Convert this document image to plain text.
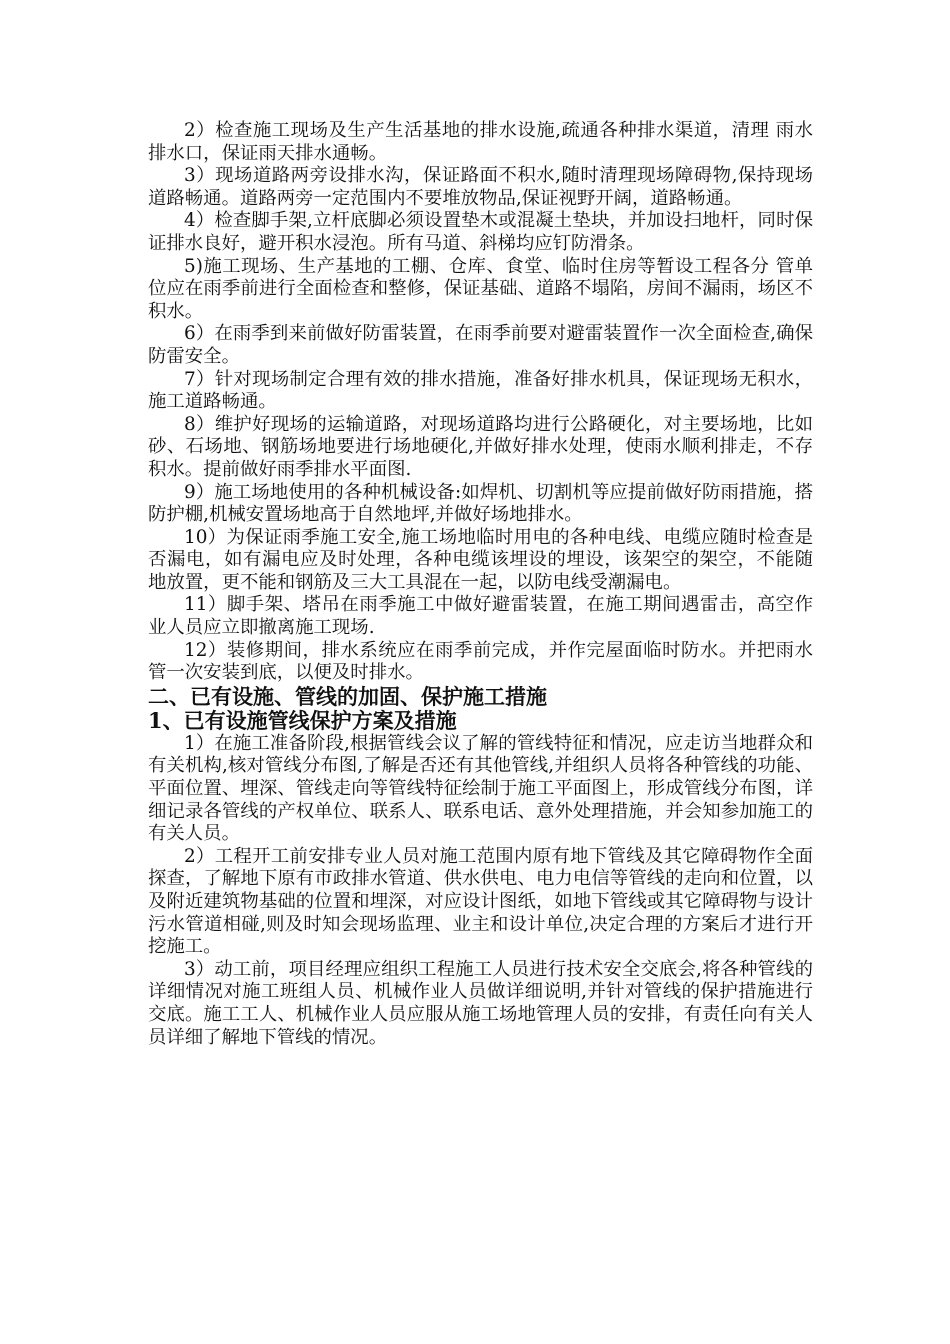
2）检查施工现场及生产生活基地的排水设施,疏通各种排水渠道，清理 雨水排水口，保证雨天排水通畅。

3）现场道路两旁设排水沟，保证路面不积水,随时清理现场障碍物,保持现场道路畅通。道路两旁一定范围内不要堆放物品,保证视野开阔，道路畅通。

4）检查脚手架,立杆底脚必须设置垫木或混凝土垫块，并加设扫地杆，同时保证排水良好，避开积水浸泡。所有马道、斜梯均应钉防滑条。

5)施工现场、生产基地的工棚、仓库、食堂、临时住房等暂设工程各分 管单位应在雨季前进行全面检查和整修，保证基础、道路不塌陷，房间不漏雨，场区不积水。

6）在雨季到来前做好防雷装置，在雨季前要对避雷装置作一次全面检查,确保防雷安全。

7）针对现场制定合理有效的排水措施，准备好排水机具，保证现场无积水，施工道路畅通。

8）维护好现场的运输道路，对现场道路均进行公路硬化，对主要场地，比如砂、石场地、钢筋场地要进行场地硬化,并做好排水处理，使雨水顺利排走，不存积水。提前做好雨季排水平面图.

9）施工场地使用的各种机械设备:如焊机、切割机等应提前做好防雨措施，搭防护棚,机械安置场地高于自然地坪,并做好场地排水。

10）为保证雨季施工安全,施工场地临时用电的各种电线、电缆应随时检查是 否漏电，如有漏电应及时处理，各种电缆该埋设的埋设，该架空的架空，不能随 地放置，更不能和钢筋及三大工具混在一起，以防电线受潮漏电。

11）脚手架、塔吊在雨季施工中做好避雷装置，在施工期间遇雷击，高空作业人员应立即撤离施工现场.

12）装修期间，排水系统应在雨季前完成，并作完屋面临时防水。并把雨水管一次安装到底，以便及时排水。

二、已有设施、管线的加固、保护施工措施
1、已有设施管线保护方案及措施

1）在施工准备阶段,根据管线会议了解的管线特征和情况，应走访当地群众和有关机构,核对管线分布图,了解是否还有其他管线,并组织人员将各种管线的功能、平面位置、埋深、管线走向等管线特征绘制于施工平面图上，形成管线分布图，详细记录各管线的产权单位、联系人、联系电话、意外处理措施，并会知参加施工的有关人员。

2）工程开工前安排专业人员对施工范围内原有地下管线及其它障碍物作全面探查，了解地下原有市政排水管道、供水供电、电力电信等管线的走向和位置，以及附近建筑物基础的位置和埋深，对应设计图纸，如地下管线或其它障碍物与设计污水管道相碰,则及时知会现场监理、业主和设计单位,决定合理的方案后才进行开挖施工。

3）动工前，项目经理应组织工程施工人员进行技术安全交底会,将各种管线的详细情况对施工班组人员、机械作业人员做详细说明,并针对管线的保护措施进行交底。施工工人、机械作业人员应服从施工场地管理人员的安排，有责任向有关人员详细了解地下管线的情况。
